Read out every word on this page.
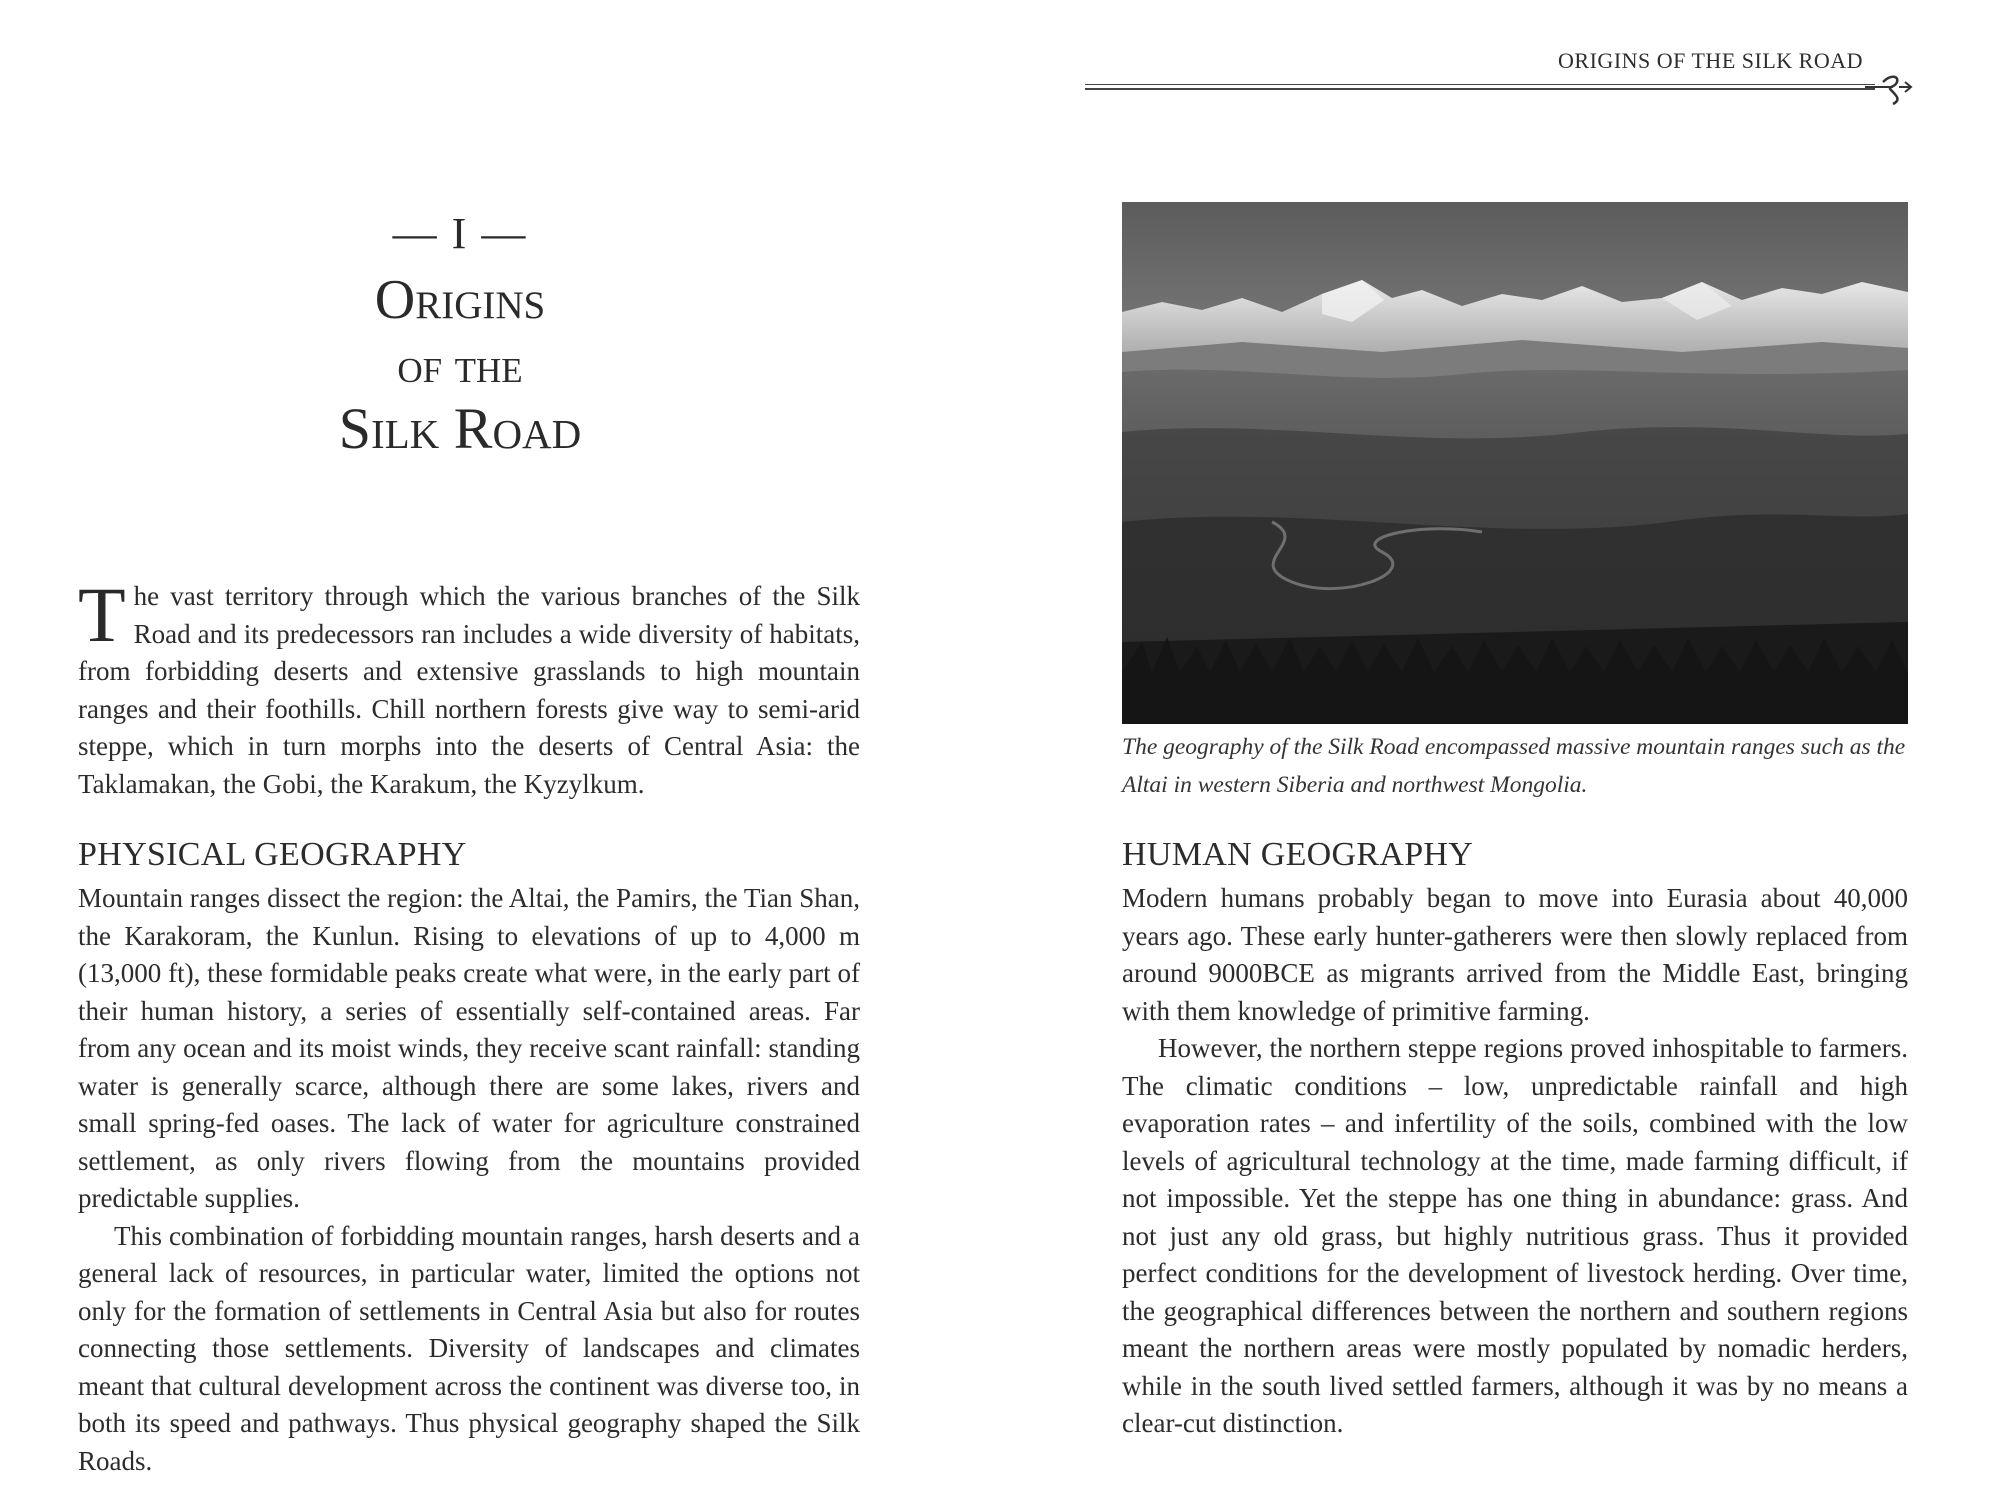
— I —
Origins
of the
Silk Road
The vast territory through which the various branches of the Silk Road and its predecessors ran includes a wide diversity of habitats, from forbidding deserts and extensive grasslands to high mountain ranges and their foothills. Chill northern forests give way to semi-arid steppe, which in turn morphs into the deserts of Central Asia: the Taklamakan, the Gobi, the Karakum, the Kyzylkum.
PHYSICAL GEOGRAPHY

Mountain ranges dissect the region: the Altai, the Pamirs, the Tian Shan, the Karakoram, the Kunlun. Rising to elevations of up to 4,000 m (13,000 ft), these formidable peaks create what were, in the early part of their human history, a series of essentially self-contained areas. Far from any ocean and its moist winds, they receive scant rainfall: standing water is generally scarce, although there are some lakes, rivers and small spring-fed oases. The lack of water for agriculture constrained settlement, as only rivers flowing from the mountains provided predictable supplies.

This combination of forbidding mountain ranges, harsh deserts and a general lack of resources, in particular water, limited the options not only for the formation of settlements in Central Asia but also for routes connecting those settlements. Diversity of landscapes and climates meant that cultural development across the continent was diverse too, in both its speed and pathways. Thus physical geography shaped the Silk Roads.

ORIGINS OF THE SILK ROAD
The geography of the Silk Road encompassed massive mountain ranges such as the Altai in western Siberia and northwest Mongolia.
HUMAN GEOGRAPHY

Modern humans probably began to move into Eurasia about 40,000 years ago. These early hunter-gatherers were then slowly replaced from around 9000BCE as migrants arrived from the Middle East, bringing with them knowledge of primitive farming.

However, the northern steppe regions proved inhospitable to farmers. The climatic conditions – low, unpredictable rainfall and high evaporation rates – and infertility of the soils, combined with the low levels of agricultural technology at the time, made farming difficult, if not impossible. Yet the steppe has one thing in abundance: grass. And not just any old grass, but highly nutritious grass. Thus it provided perfect conditions for the development of livestock herding. Over time, the geographical differences between the northern and southern regions meant the northern areas were mostly populated by nomadic herders, while in the south lived settled farmers, although it was by no means a clear-cut distinction.
